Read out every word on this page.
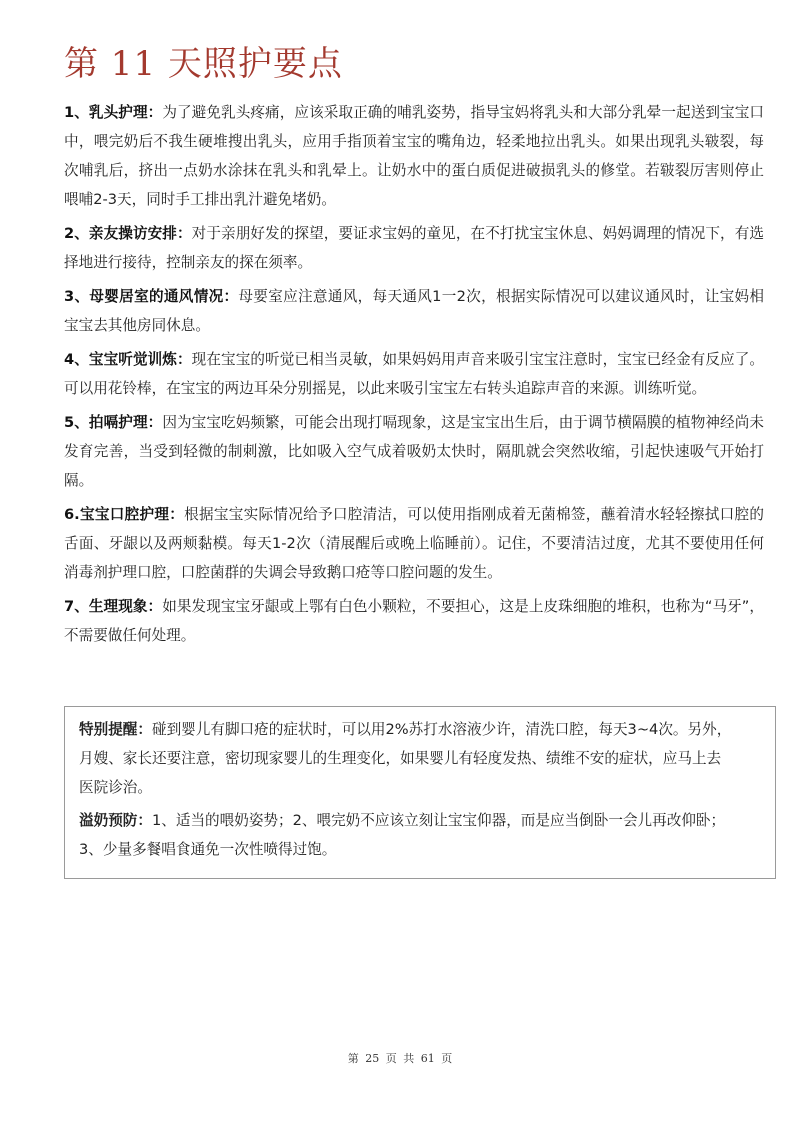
第 11 天照护要点

1、乳头护理：为了避免乳头疼痛，应该采取正确的哺乳姿势，指导宝妈将乳头和大部分乳晕一起送到宝宝口中，喂完奶后不我生硬堆搜出乳头，应用手指顶着宝宝的嘴角边，轻柔地拉出乳头。如果出现乳头皲裂，每次哺乳后，挤出一点奶水涂抹在乳头和乳晕上。让奶水中的蛋白质促进破损乳头的修堂。若皲裂厉害则停止喂哺2-3天，同时手工排出乳汁避免堵奶。

2、亲友操访安排：对于亲朋好发的探望，要证求宝妈的童见，在不打扰宝宝休息、妈妈调理的情况下，有选择地进行接待，控制亲友的探在须率。

3、母婴居室的通风情况：母要室应注意通风，每天通风1一2次，根据实际情况可以建议通风时，让宝妈相宝宝去其他房同休息。

4、宝宝听觉训炼：现在宝宝的听觉已相当灵敏，如果妈妈用声音来吸引宝宝注意时，宝宝已经金有反应了。可以用花铃棒，在宝宝的两边耳朵分别摇晃，以此来吸引宝宝左右转头追踪声音的来源。训练听觉。

5、拍嗝护理：因为宝宝吃妈频繁，可能会出现打嗝现象，这是宝宝出生后，由于调节横隔膜的植物神经尚未发育完善，当受到轻微的制刺激，比如吸入空气成着吸奶太快时，隔肌就会突然收缩，引起快速吸气开始打隔。

6.宝宝口腔护理：根据宝宝实际情况给予口腔清洁，可以使用指刚成着无菌棉签，蘸着清水轻轻擦拭口腔的舌面、牙龈以及两颊黏模。每天1-2次（清展醒后或晚上临睡前）。记住，不要清洁过度，尤其不要使用任何消毒剂护理口腔，口腔菌群的失调会导致鹅口疮等口腔问题的发生。

7、生理现象：如果发现宝宝牙龈或上鄂有白色小颗粒，不要担心，这是上皮珠细胞的堆积，也称为“马牙”，不需要做任何处理。

特别提醒：碰到婴儿有脚口疮的症状时，可以用2%苏打水溶液少许，清洗口腔，每天3~4次。另外，月嫂、家长还要注意，密切现家婴儿的生理变化，如果婴儿有轻度发热、绩维不安的症状，应马上去医院诊治。

溢奶预防：1、适当的喂奶姿势；2、喂完奶不应该立刻让宝宝仰器，而是应当倒卧一会儿再改仰卧；3、少量多餐唱食通免一次性喷得过饱。

第 25 页 共 61 页
